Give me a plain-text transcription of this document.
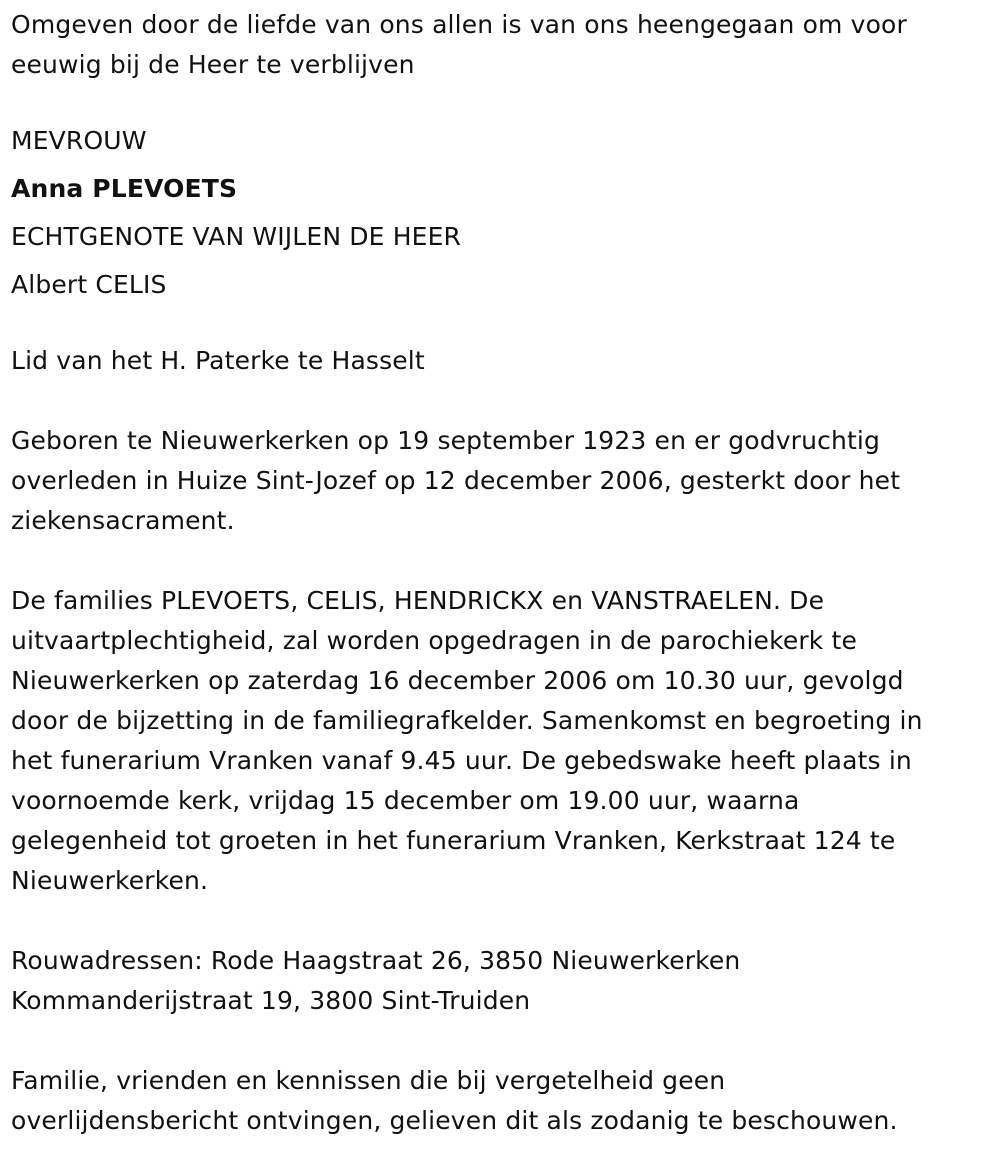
Omgeven door de liefde van ons allen is van ons heengegaan om voor
eeuwig bij de Heer te verblijven

MEVROUW
Anna PLEVOETS
ECHTGENOTE VAN WIJLEN DE HEER
Albert CELIS

Lid van het H. Paterke te Hasselt

Geboren te Nieuwerkerken op 19 september 1923 en er godvruchtig
overleden in Huize Sint-Jozef op 12 december 2006, gesterkt door het
ziekensacrament.

De families PLEVOETS, CELIS, HENDRICKX en VANSTRAELEN. De
uitvaartplechtigheid, zal worden opgedragen in de parochiekerk te
Nieuwerkerken op zaterdag 16 december 2006 om 10.30 uur, gevolgd
door de bijzetting in de familiegrafkelder. Samenkomst en begroeting in
het funerarium Vranken vanaf 9.45 uur. De gebedswake heeft plaats in
voornoemde kerk, vrijdag 15 december om 19.00 uur, waarna
gelegenheid tot groeten in het funerarium Vranken, Kerkstraat 124 te
Nieuwerkerken.

Rouwadressen: Rode Haagstraat 26, 3850 Nieuwerkerken
Kommanderijstraat 19, 3800 Sint-Truiden

Familie, vrienden en kennissen die bij vergetelheid geen
overlijdensbericht ontvingen, gelieven dit als zodanig te beschouwen.
